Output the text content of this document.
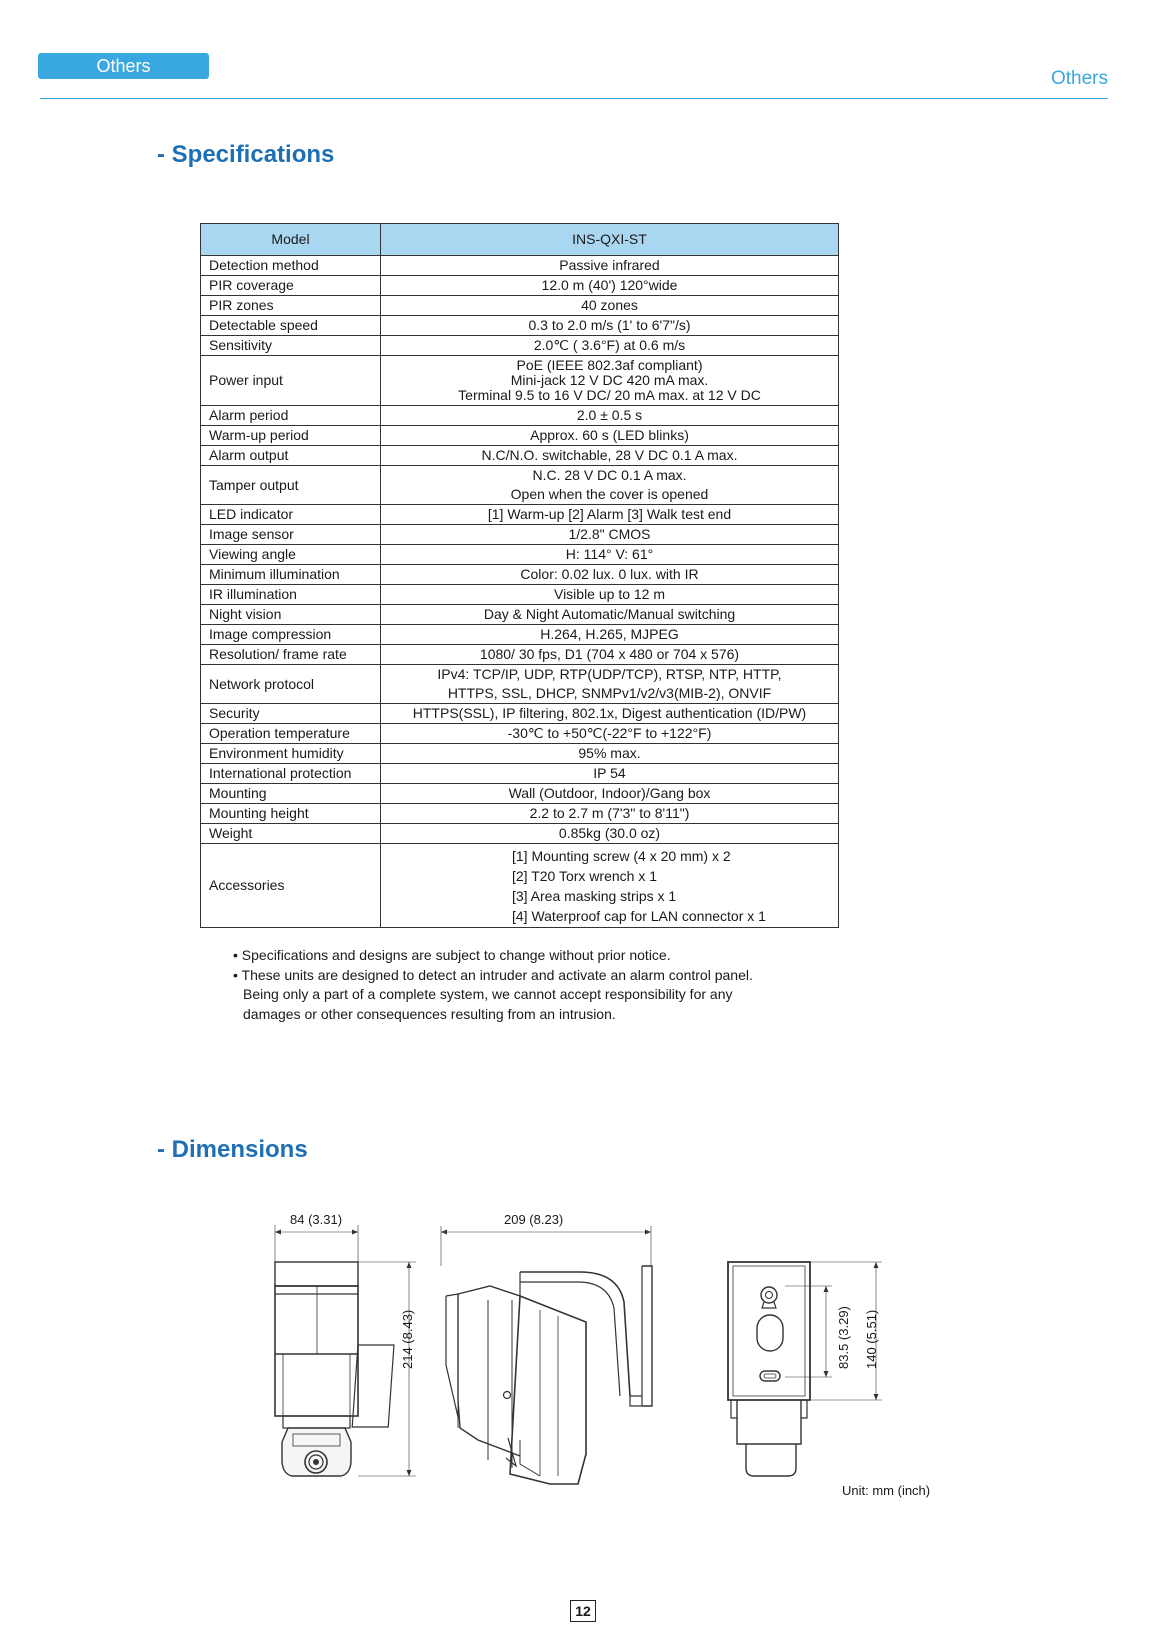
Others
Others
- Specifications
Model	INS-QXI-ST
Detection method	Passive infrared
PIR coverage	12.0 m (40') 120°wide
PIR zones	40 zones
Detectable speed	0.3 to 2.0 m/s (1' to 6'7"/s)
Sensitivity	2.0℃ ( 3.6°F) at 0.6 m/s
Power input	PoE (IEEE 802.3af compliant)
Mini-jack 12 V DC 420 mA max.
Terminal 9.5 to 16 V DC/ 20 mA max. at 12 V DC

Alarm period	2.0 ± 0.5 s
Warm-up period	Approx. 60 s (LED blinks)
Alarm output	N.C/N.O. switchable, 28 V DC 0.1 A max.
Tamper output	N.C. 28 V DC 0.1 A max.
Open when the cover is opened

LED indicator	[1] Warm-up [2] Alarm [3] Walk test end
Image sensor	1/2.8" CMOS
Viewing angle	H: 114° V: 61°
Minimum illumination	Color: 0.02 lux. 0 lux. with IR
IR illumination	Visible up to 12 m
Night vision	Day & Night Automatic/Manual switching
Image compression	H.264, H.265, MJPEG
Resolution/ frame rate	1080/ 30 fps, D1 (704 x 480 or 704 x 576)
Network protocol	IPv4: TCP/IP, UDP, RTP(UDP/TCP), RTSP, NTP, HTTP,
HTTPS, SSL, DHCP, SNMPv1/v2/v3(MIB-2), ONVIF

Security	HTTPS(SSL), IP filtering, 802.1x, Digest authentication (ID/PW)
Operation temperature	-30℃ to +50℃(-22°F to +122°F)
Environment humidity	95% max.
International protection	IP 54
Mounting	Wall (Outdoor, Indoor)/Gang box
Mounting height	2.2 to 2.7 m (7'3" to 8'11")
Weight	0.85kg (30.0 oz)
Accessories	[1] Mounting screw (4 x 20 mm) x 2
[2] T20 Torx wrench x 1
[3] Area masking strips x 1
[4] Waterproof cap for LAN connector x 1

• Specifications and designs are subject to change without prior notice.

• These units are designed to detect an intruder and activate an alarm control panel.

Being only a part of a complete system, we cannot accept responsibility for any

damages or other consequences resulting from an intrusion.

- Dimensions
84 (3.31)
214 (8.43)
209 (8.23)
83.5 (3.29) 140 (5.51)
Unit: mm (inch)
12
